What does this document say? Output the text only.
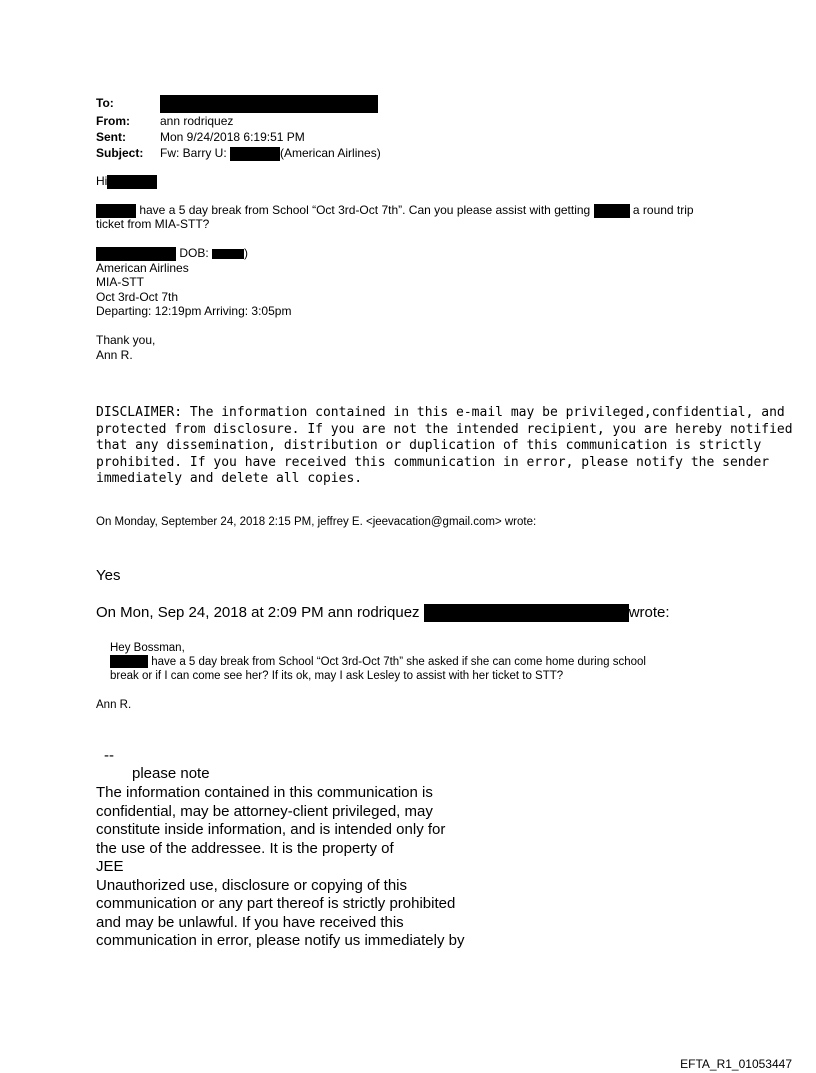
To:
From:	ann rodriquez
Sent:	Mon 9/24/2018 6:19:51 PM
Subject: Fw: Barry U:	(American Airlines)
Hi
have a 5 day break from School “Oct 3rd-Oct 7th”. Can you please assist with getting	a round trip
ticket from MIA-STT?
DOB:	)
American Airlines
MIA-STT
Oct 3rd-Oct 7th
Departing: 12:19pm Arriving: 3:05pm
Thank you,
Ann R.
DISCLAIMER: The information contained in this e-mail may be privileged,confidential, and
protected from disclosure. If you are not the intended recipient, you are hereby notified
that any dissemination, distribution or duplication of this communication is strictly
prohibited. If you have received this communication in error, please notify the sender
immediately and delete all copies.
On Monday, September 24, 2018 2:15 PM, jeffrey E. <jeevacation@gmail.com> wrote:
Yes
On Mon, Sep 24, 2018 at 2:09 PM ann rodriquez	wrote:
Hey Bossman,
have a 5 day break from School “Oct 3rd-Oct 7th” she asked if she can come home during school
break or if I can come see her? If its ok, may I ask Lesley to assist with her ticket to STT?
Ann R.
--
please note
The information contained in this communication is
confidential, may be attorney-client privileged, may
constitute inside information, and is intended only for
the use of the addressee. It is the property of
JEE
Unauthorized use, disclosure or copying of this
communication or any part thereof is strictly prohibited
and may be unlawful. If you have received this
communication in error, please notify us immediately by
EFTA_R1_01053447
